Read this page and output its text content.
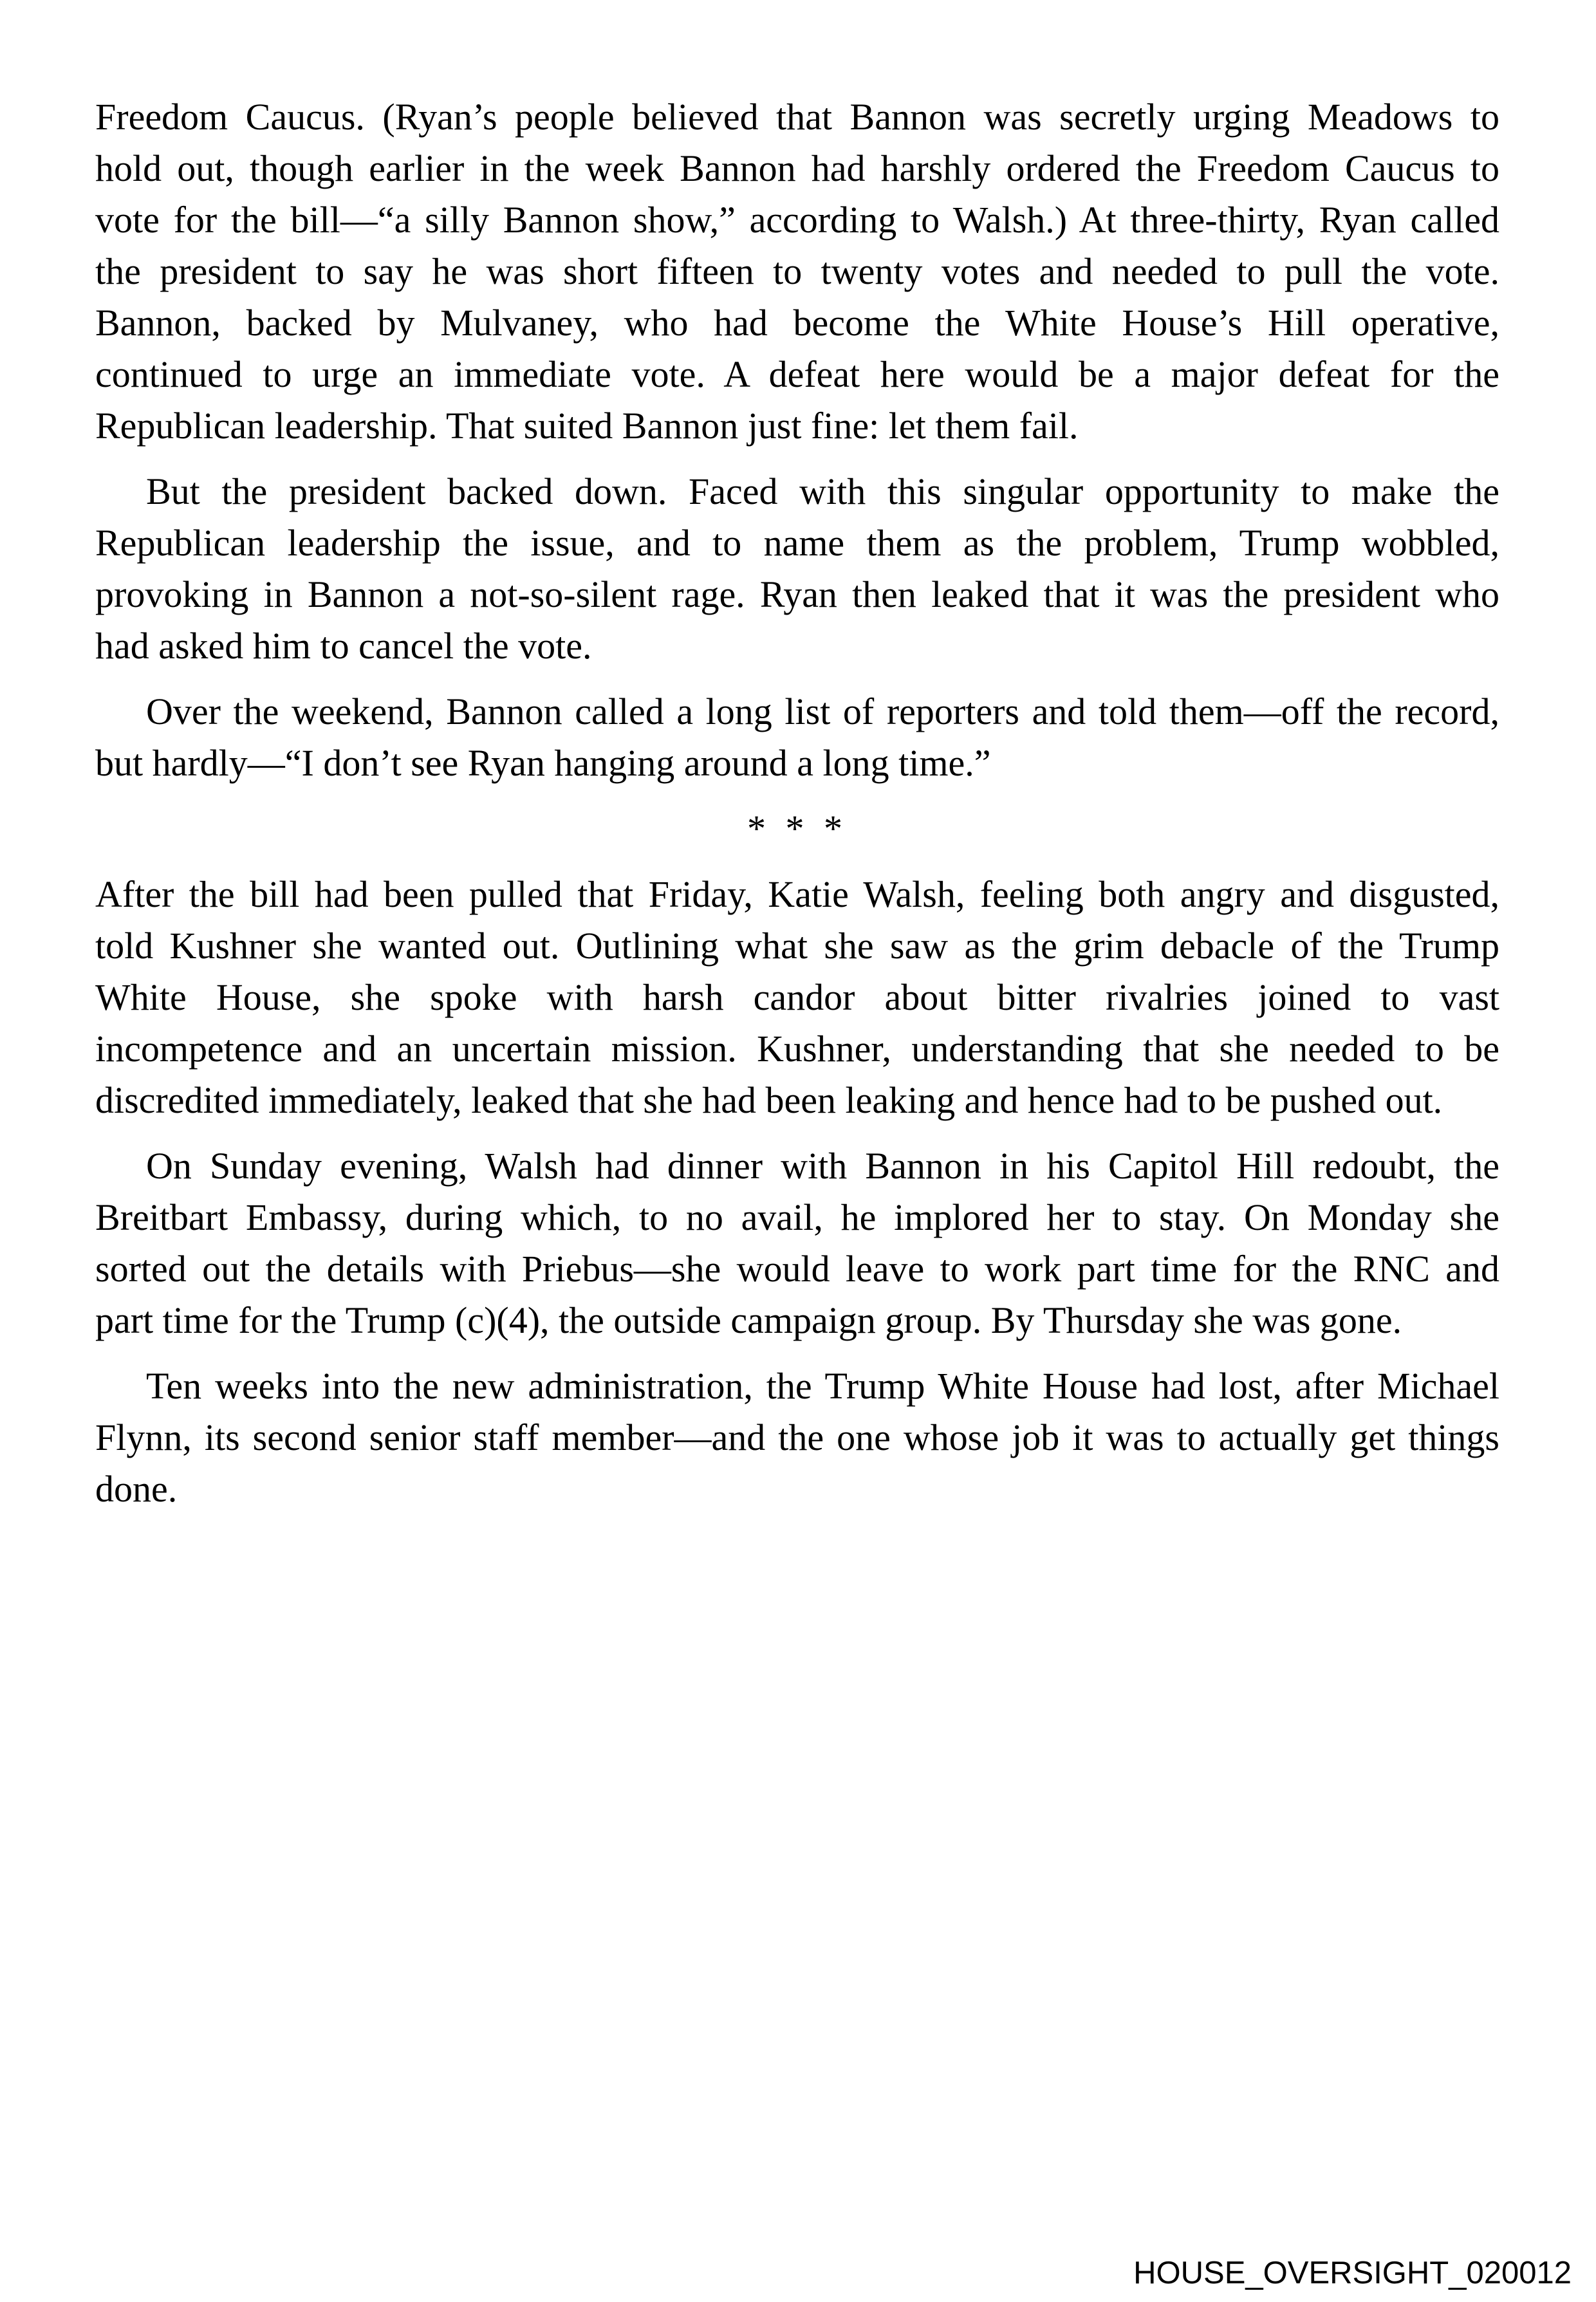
Freedom Caucus. (Ryan’s people believed that Bannon was secretly urging Meadows to
hold out, though earlier in the week Bannon had harshly ordered the Freedom Caucus to
vote for the bill—“a silly Bannon show,” according to Walsh.) At three-thirty, Ryan called
the president to say he was short fifteen to twenty votes and needed to pull the vote.
Bannon, backed by Mulvaney, who had become the White House’s Hill operative,
continued to urge an immediate vote. A defeat here would be a major defeat for the
Republican leadership. That suited Bannon just fine: let them fail.
But the president backed down. Faced with this singular opportunity to make the
Republican leadership the issue, and to name them as the problem, Trump wobbled,
provoking in Bannon a not-so-silent rage. Ryan then leaked that it was the president who
had asked him to cancel the vote.
Over the weekend, Bannon called a long list of reporters and told them—off the record,
but hardly—“I don’t see Ryan hanging around a long time.”
* * *
After the bill had been pulled that Friday, Katie Walsh, feeling both angry and disgusted,
told Kushner she wanted out. Outlining what she saw as the grim debacle of the Trump
White House, she spoke with harsh candor about bitter rivalries joined to vast
incompetence and an uncertain mission. Kushner, understanding that she needed to be
discredited immediately, leaked that she had been leaking and hence had to be pushed out.
On Sunday evening, Walsh had dinner with Bannon in his Capitol Hill redoubt, the
Breitbart Embassy, during which, to no avail, he implored her to stay. On Monday she
sorted out the details with Priebus—she would leave to work part time for the RNC and
part time for the Trump (c)(4), the outside campaign group. By Thursday she was gone.
Ten weeks into the new administration, the Trump White House had lost, after Michael
Flynn, its second senior staff member—and the one whose job it was to actually get things
done.
HOUSE_OVERSIGHT_020012
